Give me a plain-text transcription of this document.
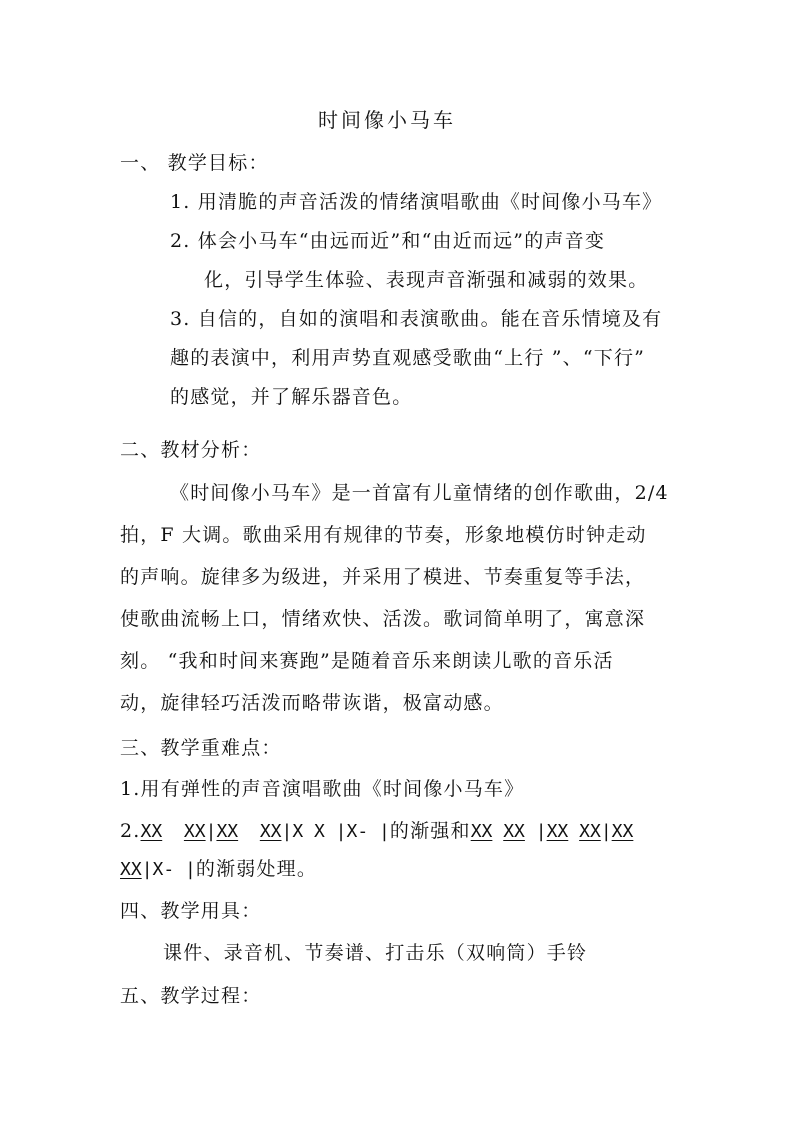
时间像小马车
一、 教学目标：
1. 用清脆的声音活泼的情绪演唱歌曲《时间像小马车》
2. 体会小马车“由远而近”和“由近而远”的声音变
化，引导学生体验、表现声音渐强和减弱的效果。
3. 自信的，自如的演唱和表演歌曲。能在音乐情境及有
趣的表演中，利用声势直观感受歌曲“上行 ”、“下行”
的感觉，并了解乐器音色。
二、教材分析：
《时间像小马车》是一首富有儿童情绪的创作歌曲，2/4
拍，F 大调。歌曲采用有规律的节奏，形象地模仿时钟走动
的声响。旋律多为级进，并采用了模进、节奏重复等手法，
使歌曲流畅上口，情绪欢快、活泼。歌词简单明了，寓意深
刻。 “我和时间来赛跑”是随着音乐来朗读儿歌的音乐活
动，旋律轻巧活泼而略带诙谐，极富动感。
三、教学重难点：
1.用有弹性的声音演唱歌曲《时间像小马车》
2.XX XX|XX XX|X X |X- |的渐强和XX XX |XX XX|XX
XX|X- |的渐弱处理。
四、教学用具：
课件、录音机、节奏谱、打击乐（双响筒）手铃
五、教学过程：
